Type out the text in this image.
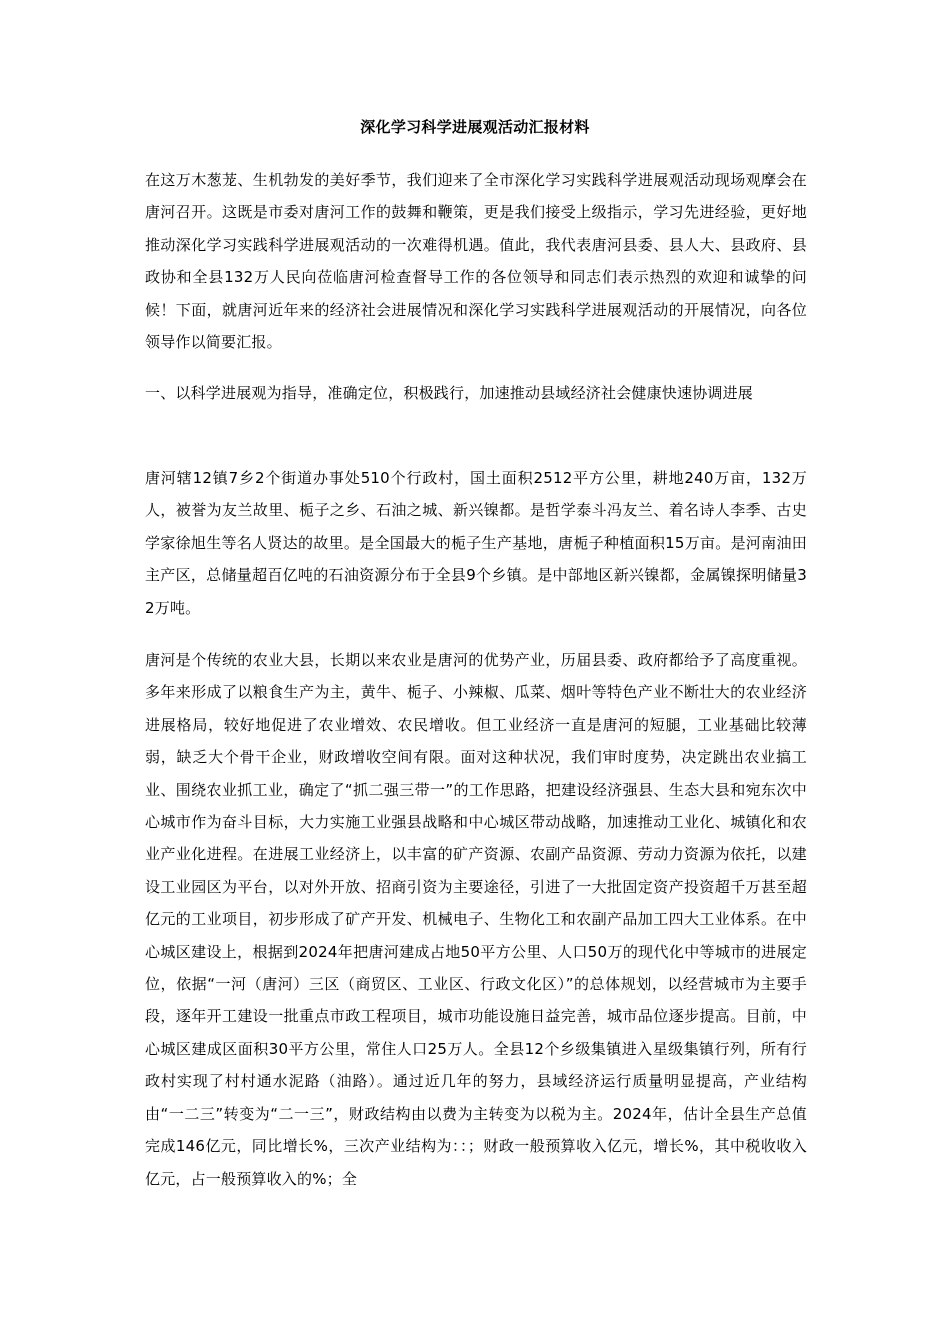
深化学习科学进展观活动汇报材料

在这万木葱茏、生机勃发的美好季节，我们迎来了全市深化学习实践科学进展观活动现场观摩会在唐河召开。这既是市委对唐河工作的鼓舞和鞭策，更是我们接受上级指示，学习先进经验，更好地推动深化学习实践科学进展观活动的一次难得机遇。值此，我代表唐河县委、县人大、县政府、县政协和全县132万人民向莅临唐河检查督导工作的各位领导和同志们表示热烈的欢迎和诚挚的问候！下面，就唐河近年来的经济社会进展情况和深化学习实践科学进展观活动的开展情况，向各位领导作以简要汇报。

一、以科学进展观为指导，准确定位，积极践行，加速推动县域经济社会健康快速协调进展

唐河辖12镇7乡2个街道办事处510个行政村，国土面积2512平方公里，耕地240万亩，132万人，被誉为友兰故里、栀子之乡、石油之城、新兴镍都。是哲学泰斗冯友兰、着名诗人李季、古史学家徐旭生等名人贤达的故里。是全国最大的栀子生产基地，唐栀子种植面积15万亩。是河南油田主产区，总储量超百亿吨的石油资源分布于全县9个乡镇。是中部地区新兴镍都，金属镍探明储量32万吨。

唐河是个传统的农业大县，长期以来农业是唐河的优势产业，历届县委、政府都给予了高度重视。多年来形成了以粮食生产为主，黄牛、栀子、小辣椒、瓜菜、烟叶等特色产业不断壮大的农业经济进展格局，较好地促进了农业增效、农民增收。但工业经济一直是唐河的短腿，工业基础比较薄弱，缺乏大个骨干企业，财政增收空间有限。面对这种状况，我们审时度势，决定跳出农业搞工业、围绕农业抓工业，确定了“抓二强三带一”的工作思路，把建设经济强县、生态大县和宛东次中心城市作为奋斗目标，大力实施工业强县战略和中心城区带动战略，加速推动工业化、城镇化和农业产业化进程。在进展工业经济上，以丰富的矿产资源、农副产品资源、劳动力资源为依托，以建设工业园区为平台，以对外开放、招商引资为主要途径，引进了一大批固定资产投资超千万甚至超亿元的工业项目，初步形成了矿产开发、机械电子、生物化工和农副产品加工四大工业体系。在中心城区建设上，根据到2024年把唐河建成占地50平方公里、人口50万的现代化中等城市的进展定位，依据“一河（唐河）三区（商贸区、工业区、行政文化区）”的总体规划，以经营城市为主要手段，逐年开工建设一批重点市政工程项目，城市功能设施日益完善，城市品位逐步提高。目前，中心城区建成区面积30平方公里，常住人口25万人。全县12个乡级集镇进入星级集镇行列，所有行政村实现了村村通水泥路（油路）。通过近几年的努力，县域经济运行质量明显提高，产业结构由“一二三”转变为“二一三”，财政结构由以费为主转变为以税为主。2024年，估计全县生产总值完成146亿元，同比增长%，三次产业结构为：：；财政一般预算收入亿元，增长%，其中税收收入亿元，占一般预算收入的%；全
